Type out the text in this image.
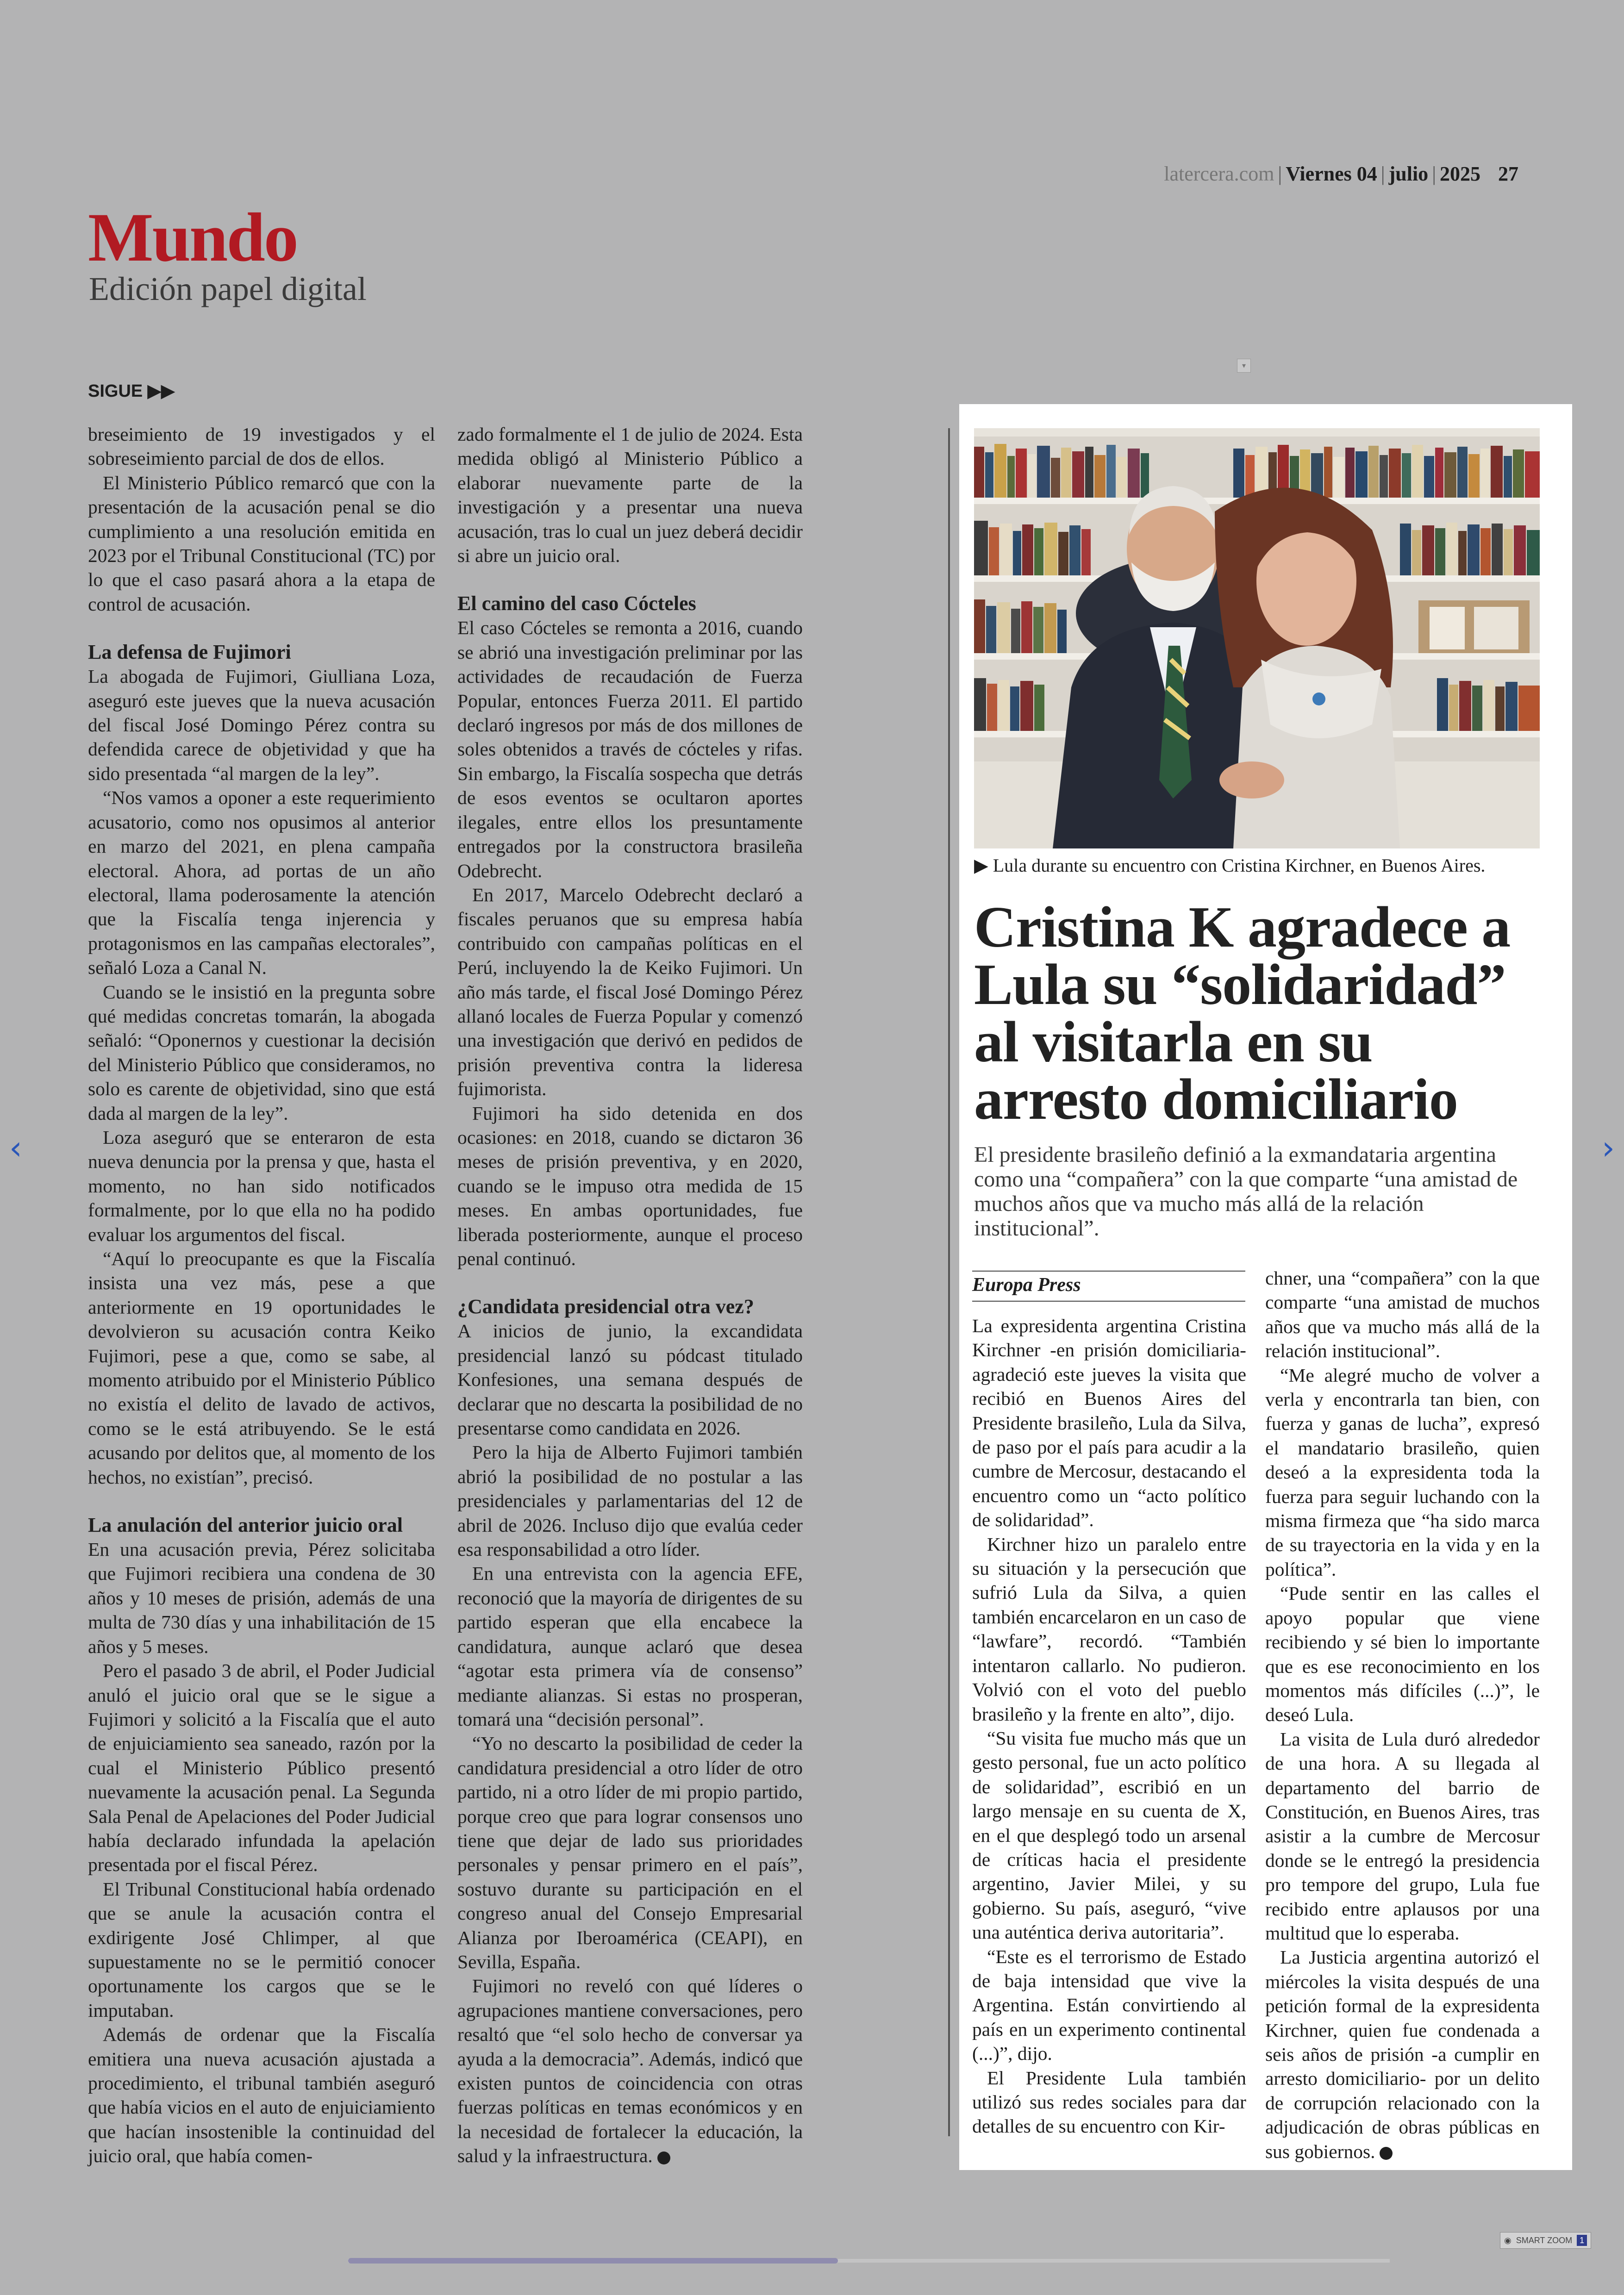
latercera.com | Viernes 04 | julio | 2025 27
Mundo
Edición papel digital
SIGUE ▶▶

breseimiento de 19 investigados y el sobreseimiento parcial de dos de ellos.

El Ministerio Público remarcó que con la presentación de la acusación penal se dio cumplimiento a una resolución emitida en 2023 por el Tribunal Constitucional (TC) por lo que el caso pasará ahora a la etapa de control de acusación.

La defensa de Fujimori

La abogada de Fujimori, Giulliana Loza, aseguró este jueves que la nueva acusación del fiscal José Domingo Pérez contra su defendida carece de objetividad y que ha sido presentada “al margen de la ley”.

“Nos vamos a oponer a este requerimiento acusatorio, como nos opusimos al anterior en marzo del 2021, en plena campaña electoral. Ahora, ad portas de un año electoral, llama poderosamente la atención que la Fiscalía tenga injerencia y protagonismos en las campañas electorales”, señaló Loza a Canal N.

Cuando se le insistió en la pregunta sobre qué medidas concretas tomarán, la abogada señaló: “Oponernos y cuestionar la decisión del Ministerio Público que consideramos, no solo es carente de objetividad, sino que está dada al margen de la ley”.

Loza aseguró que se enteraron de esta nueva denuncia por la prensa y que, hasta el momento, no han sido notificados formalmente, por lo que ella no ha podido evaluar los argumentos del fiscal.

“Aquí lo preocupante es que la Fiscalía insista una vez más, pese a que anteriormente en 19 oportunidades le devolvieron su acusación contra Keiko Fujimori, pese a que, como se sabe, al momento atribuido por el Ministerio Público no existía el delito de lavado de activos, como se le está atribuyendo. Se le está acusando por delitos que, al momento de los hechos, no existían”, precisó.

La anulación del anterior juicio oral

En una acusación previa, Pérez solicitaba que Fujimori recibiera una condena de 30 años y 10 meses de prisión, además de una multa de 730 días y una inhabilitación de 15 años y 5 meses.

Pero el pasado 3 de abril, el Poder Judicial anuló el juicio oral que se le sigue a Fujimori y solicitó a la Fiscalía que el auto de enjuiciamiento sea saneado, razón por la cual el Ministerio Público presentó nuevamente la acusación penal. La Segunda Sala Penal de Apelaciones del Poder Judicial había declarado infundada la apelación presentada por el fiscal Pérez.

El Tribunal Constitucional había ordenado que se anule la acusación contra el exdirigente José Chlimper, al que supuestamente no se le permitió conocer oportunamente los cargos que se le imputaban.

Además de ordenar que la Fiscalía emitiera una nueva acusación ajustada a procedimiento, el tribunal también aseguró que había vicios en el auto de enjuiciamiento que hacían insostenible la continuidad del juicio oral, que había comen-

zado formalmente el 1 de julio de 2024. Esta medida obligó al Ministerio Público a elaborar nuevamente parte de la investigación y a presentar una nueva acusación, tras lo cual un juez deberá decidir si abre un juicio oral.

El camino del caso Cócteles

El caso Cócteles se remonta a 2016, cuando se abrió una investigación preliminar por las actividades de recaudación de Fuerza Popular, entonces Fuerza 2011. El partido declaró ingresos por más de dos millones de soles obtenidos a través de cócteles y rifas. Sin embargo, la Fiscalía sospecha que detrás de esos eventos se ocultaron aportes ilegales, entre ellos los presuntamente entregados por la constructora brasileña Odebrecht.

En 2017, Marcelo Odebrecht declaró a fiscales peruanos que su empresa había contribuido con campañas políticas en el Perú, incluyendo la de Keiko Fujimori. Un año más tarde, el fiscal José Domingo Pérez allanó locales de Fuerza Popular y comenzó una investigación que derivó en pedidos de prisión preventiva contra la lideresa fujimorista.

Fujimori ha sido detenida en dos ocasiones: en 2018, cuando se dictaron 36 meses de prisión preventiva, y en 2020, cuando se le impuso otra medida de 15 meses. En ambas oportunidades, fue liberada posteriormente, aunque el proceso penal continuó.

¿Candidata presidencial otra vez?

A inicios de junio, la excandidata presidencial lanzó su pódcast titulado Konfesiones, una semana después de declarar que no descarta la posibilidad de no presentarse como candidata en 2026.

Pero la hija de Alberto Fujimori también abrió la posibilidad de no postular a las presidenciales y parlamentarias del 12 de abril de 2026. Incluso dijo que evalúa ceder esa responsabilidad a otro líder.

En una entrevista con la agencia EFE, reconoció que la mayoría de dirigentes de su partido esperan que ella encabece la candidatura, aunque aclaró que desea “agotar esta primera vía de consenso” mediante alianzas. Si estas no prosperan, tomará una “decisión personal”.

“Yo no descarto la posibilidad de ceder la candidatura presidencial a otro líder de otro partido, ni a otro líder de mi propio partido, porque creo que para lograr consensos uno tiene que dejar de lado sus prioridades personales y pensar primero en el país”, sostuvo durante su participación en el congreso anual del Consejo Empresarial Alianza por Iberoamérica (CEAPI), en Sevilla, España.

Fujimori no reveló con qué líderes o agrupaciones mantiene conversaciones, pero resaltó que “el solo hecho de conversar ya ayuda a la democracia”. Además, indicó que existen puntos de coincidencia con otras fuerzas políticas en temas económicos y en la necesidad de fortalecer la educación, la salud y la infraestructura.

▶ Lula durante su encuentro con Cristina Kirchner, en Buenos Aires.
Cristina K agradece a Lula su “solidaridad” al visitarla en su arresto domiciliario
El presidente brasileño definió a la exmandataria argentina como una “compañera” con la que comparte “una amistad de muchos años que va mucho más allá de la relación institucional”.
Europa Press

La expresidenta argentina Cristina Kirchner -en prisión domiciliaria- agradeció este jueves la visita que recibió en Buenos Aires del Presidente brasileño, Lula da Silva, de paso por el país para acudir a la cumbre de Mercosur, destacando el encuentro como un “acto político de solidaridad”.

Kirchner hizo un paralelo entre su situación y la persecución que sufrió Lula da Silva, a quien también encarcelaron en un caso de “lawfare”, recordó. “También intentaron callarlo. No pudieron. Volvió con el voto del pueblo brasileño y la frente en alto”, dijo.

“Su visita fue mucho más que un gesto personal, fue un acto político de solidaridad”, escribió en un largo mensaje en su cuenta de X, en el que desplegó todo un arsenal de críticas hacia el presidente argentino, Javier Milei, y su gobierno. Su país, aseguró, “vive una auténtica deriva autoritaria”.

“Este es el terrorismo de Estado de baja intensidad que vive la Argentina. Están convirtiendo al país en un experimento continental (...)”, dijo.

El Presidente Lula también utilizó sus redes sociales para dar detalles de su encuentro con Kir-

chner, una “compañera” con la que comparte “una amistad de muchos años que va mucho más allá de la relación institucional”.

“Me alegré mucho de volver a verla y encontrarla tan bien, con fuerza y ganas de lucha”, expresó el mandatario brasileño, quien deseó a la expresidenta toda la fuerza para seguir luchando con la misma firmeza que “ha sido marca de su trayectoria en la vida y en la política”.

“Pude sentir en las calles el apoyo popular que viene recibiendo y sé bien lo importante que es ese reconocimiento en los momentos más difíciles (...)”, le deseó Lula.

La visita de Lula duró alrededor de una hora. A su llegada al departamento del barrio de Constitución, en Buenos Aires, tras asistir a la cumbre de Mercosur donde se le entregó la presidencia pro tempore del grupo, Lula fue recibido entre aplausos por una multitud que lo esperaba.

La Justicia argentina autorizó el miércoles la visita después de una petición formal de la expresidenta Kirchner, quien fue condenada a seis años de prisión -a cumplir en arresto domiciliario- por un delito de corrupción relacionado con la adjudicación de obras públicas en sus gobiernos.

‹	›
▾
◉ SMART ZOOM 1
